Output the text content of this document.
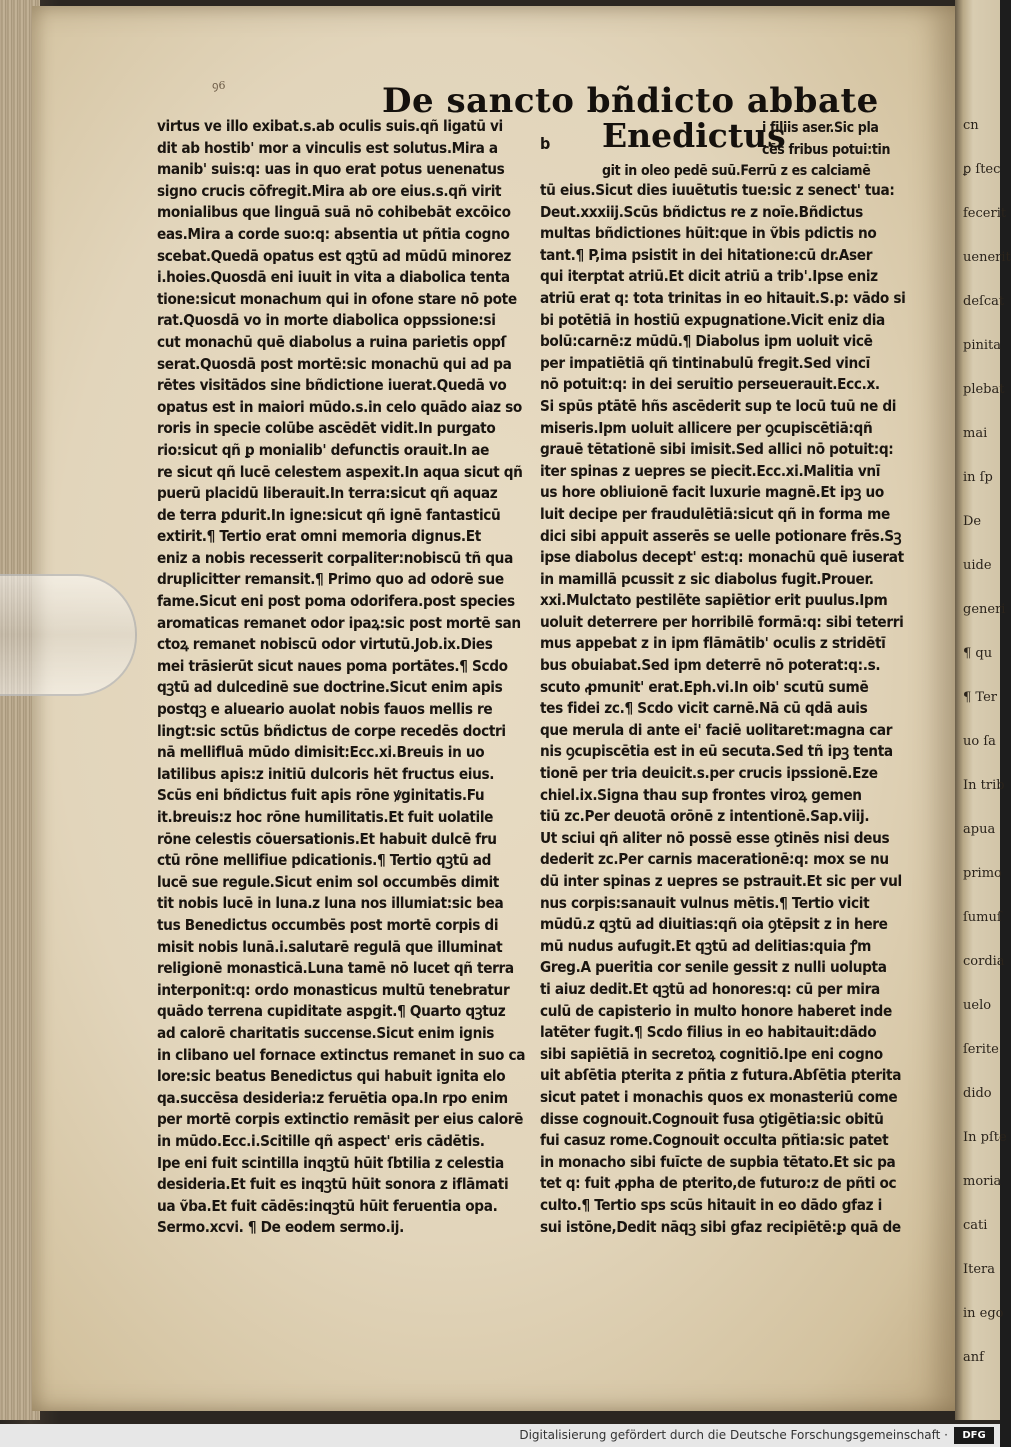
ꝯ6	De sancto bñdicto abbate
cn
ꝑ ſtec
fecerit
uenerit
deſcat
pinita
plebat
mai
in ſp
De
uide
generi
¶ qu
¶ Ter
uo ſa
In trib
apua
primo
ſumuſ
cordia
uelo
ſerite
dido
In pſte
moria
cati
Itera
in ego
anf
virtus ve illo exibat.s.ab oculis suis.qñ ligatū vi
dit ab hostib' mor a vinculis est solutus.Mira a
manib' suis:q: uas in quo erat potus uenenatus
signo crucis cōfregit.Mira ab ore eius.s.qñ virit
monialibus que linguā suā nō cohibebāt excōico
eas.Mira a corde suo:q: absentia ut pñtia cogno
scebat.Quedā opatus est qꝫtū ad mūdū minorez
i.hoies.Quosdā eni iuuit in vita a diabolica tenta
tione:sicut monachum qui in ofone stare nō pote
rat.Quosdā vo in morte diabolica oppssione:si
cut monachū quē diabolus a ruina parietis oppſ
serat.Quosdā post mortē:sic monachū qui ad pa
rētes visitādos sine bñdictione iuerat.Quedā vo
opatus est in maiori mūdo.s.in celo quādo aiaz so
roris in specie colūbe ascēdēt vidit.In purgato
rio:sicut qñ ꝑ monialib' defunctis orauit.In ae
re sicut qñ lucē celestem aspexit.In aqua sicut qñ
puerū placidū liberauit.In terra:sicut qñ aquaz
de terra ꝑdurit.In igne:sicut qñ ignē fantasticū
extirit.¶ Tertio erat omni memoria dignus.Et
eniz a nobis recesserit corpaliter:nobiscū tñ qua
druplicitter remansit.¶ Primo quo ad odorē sue
fame.Sicut eni post poma odorifera.post species
aromaticas remanet odor ipaꝝ:sic post mortē san
ctoꝝ remanet nobiscū odor virtutū.Job.ix.Dies
mei trāsierūt sicut naues poma portātes.¶ Scdo
qꝫtū ad dulcedinē sue doctrine.Sicut enim apis
postqꝫ e alueario auolat nobis fauos mellis re
lingt:sic sctūs bñdictus de corpe recedēs doctri
nā mellifluā mūdo dimisit:Ecc.xi.Breuis in uo
latilibus apis:z initiū dulcoris hēt fructus eius.
Scūs eni bñdictus fuit apis rōne ꝟginitatis.Fu
it.breuis:z hoc rōne humilitatis.Et fuit uolatile
rōne celestis cōuersationis.Et habuit dulcē fru
ctū rōne mellifiue pdicationis.¶ Tertio qꝫtū ad
lucē sue regule.Sicut enim sol occumbēs dimit
tit nobis lucē in luna.z luna nos illumiat:sic bea
tus Benedictus occumbēs post mortē corpis di
misit nobis lunā.i.salutarē regulā que illuminat
religionē monasticā.Luna tamē nō lucet qñ terra
interponit:q: ordo monasticus multū tenebratur
quādo terrena cupiditate aspgit.¶ Quarto qꝫtuz
ad calorē charitatis succense.Sicut enim ignis
in clibano uel fornace extinctus remanet in suo ca
lore:sic beatus Benedictus qui habuit ignita elo
qa.succēsa desideria:z feruētia opa.In rpo enim
per mortē corpis extinctio remāsit per eius calorē
in mūdo.Ecc.i.Scitille qñ aspect' eris cādētis.
Ipe eni fuit scintilla inqꝫtū hūit ſbtilia z celestia
desideria.Et fuit es inqꝫtū hūit sonora z iflāmati
ua ṽba.Et fuit cādēs:inqꝫtū hūit feruentia opa.
Sermo.xcvi. ¶ De eodem sermo.ij.
b Enedictus
i filiis aser.Sic pla
cēs fribus potui:tin
git in oleo pedē suū.Ferrū z es calciamē
tū eius.Sicut dies iuuētutis tue:sic z senect' tua:
Deut.xxxiij.Scūs bñdictus re z noīe.Bñdictus
multas bñdictiones hūit:que in ṽbis pdictis no
tant.¶ P,ima psistit in dei hitatione:cū dr.Aser
qui iterptat atriū.Et dicit atriū a trib'.Ipse eniz
atriū erat q: tota trinitas in eo hitauit.S.p: vādo si
bi potētiā in hostiū expugnatione.Vicit eniz dia
bolū:carnē:z mūdū.¶ Diabolus ipm uoluit vicē
per impatiētiā qñ tintinabulū fregit.Sed vincī
nō potuit:q: in dei seruitio perseuerauit.Ecc.x.
Si spūs ptātē hñs ascēderit sup te locū tuū ne di
miseris.Ipm uoluit allicere per ꝯcupiscētiā:qñ
grauē tētationē sibi imisit.Sed allici nō potuit:q:
iter spinas z uepres se piecit.Ecc.xi.Malitia vnī
us hore obliuionē facit luxurie magnē.Et ipꝫ uo
luit decipe per fraudulētiā:sicut qñ in forma me
dici sibi appuit asserēs se uelle potionare frēs.Sꝫ
ipse diabolus decept' est:q: monachū quē iuserat
in mamillā pcussit z sic diabolus fugit.Prouer.
xxi.Mulctato pestilēte sapiētior erit puulus.Ipm
uoluit deterrere per horribilē formā:q: sibi teterri
mus appebat z in ipm flāmātib' oculis z stridētī
bus obuiabat.Sed ipm deterrē nō poterat:q:.s.
scuto ꝓmunit' erat.Eph.vi.In oib' scutū sumē
tes fidei zc.¶ Scdo vicit carnē.Nā cū qdā auis
que merula di ante ei' faciē uolitaret:magna car
nis ꝯcupiscētia est in eū secuta.Sed tñ ipꝫ tenta
tionē per tria deuicit.s.per crucis ipssionē.Eze
chiel.ix.Signa thau sup frontes viroꝝ gemen
tiū zc.Per deuotā orōnē z intentionē.Sap.viij.
Ut sciui qñ aliter nō possē esse ꝯtinēs nisi deus
dederit zc.Per carnis macerationē:q: mox se nu
dū inter spinas z uepres se pstrauit.Et sic per vul
nus corpis:sanauit vulnus mētis.¶ Tertio vicit
mūdū.z qꝫtū ad diuitias:qñ oia ꝯtēpsit z in here
mū nudus aufugit.Et qꝫtū ad delitias:quia ꝭm
Greg.A pueritia cor senile gessit z nulli uolupta
ti aiuz dedit.Et qꝫtū ad honores:q: cū per mira
culū de capisterio in multo honore haberet inde
latēter fugit.¶ Scdo filius in eo habitauit:dādo
sibi sapiētiā in secretoꝝ cognitiō.Ipe eni cogno
uit abſētia pterita z pñtia z futura.Abſētia pterita
sicut patet i monachis quos ex monasteriū come
disse cognouit.Cognouit fusa ꝯtigētia:sic obitū
fui casuz rome.Cognouit occulta pñtia:sic patet
in monacho sibi fuīcte de supbia tētato.Et sic pa
tet q: fuit ꝓpha de pterito,de futuro:z de pñti oc
culto.¶ Tertio sps scūs hitauit in eo dādo gfaz i
sui istōne,Dedit nāqꝫ sibi gfaz recipiētē:ꝑ quā de
Digitalisierung gefördert durch die Deutsche Forschungsgemeinschaft ·	DFG
